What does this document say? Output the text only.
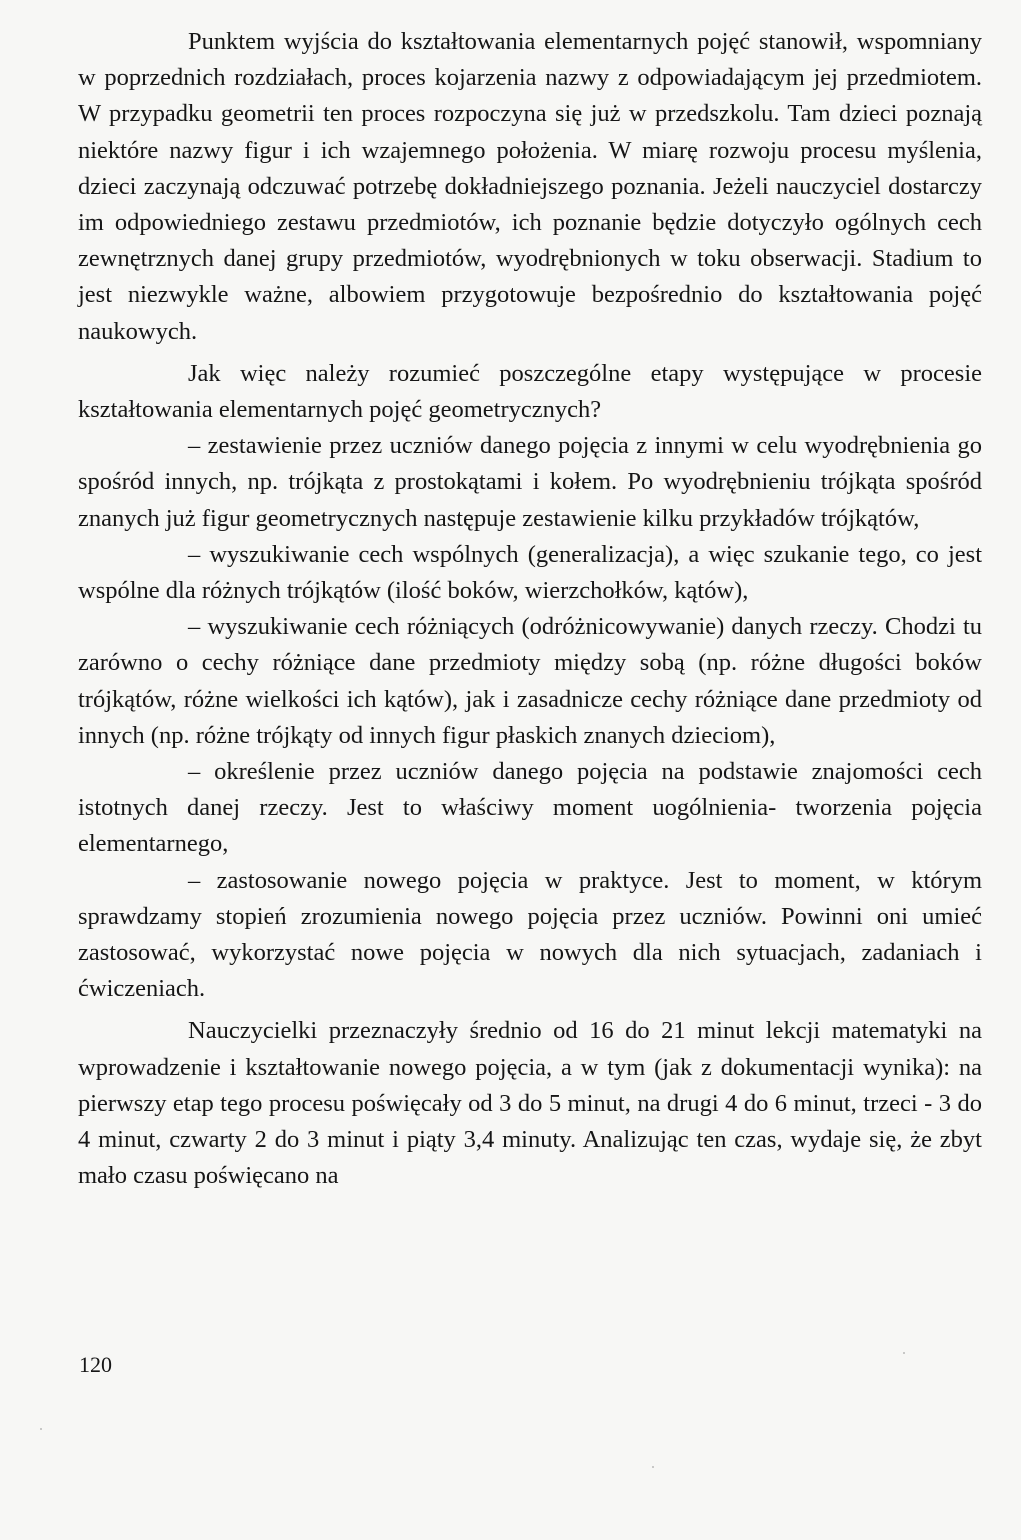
Punktem wyjścia do kształtowania elementarnych pojęć stanowił, wspomniany w poprzednich rozdziałach, proces kojarzenia nazwy z odpowiadającym jej przedmiotem. W przypadku geometrii ten proces rozpoczyna się już w przedszkolu. Tam dzieci poznają niektóre nazwy figur i ich wzajemnego położenia. W miarę rozwoju procesu myślenia, dzieci zaczynają odczuwać potrzebę dokładniejszego poznania. Jeżeli nauczyciel dostarczy im odpowiedniego zestawu przedmiotów, ich poznanie będzie dotyczyło ogólnych cech zewnętrznych danej grupy przedmiotów, wyodrębnionych w toku obserwacji. Stadium to jest niezwykle ważne, albowiem przygotowuje bezpośrednio do kształtowania pojęć naukowych.

Jak więc należy rozumieć poszczególne etapy występujące w procesie kształtowania elementarnych pojęć geometrycznych?

– zestawienie przez uczniów danego pojęcia z innymi w celu wyodrębnienia go spośród innych, np. trójkąta z prostokątami i kołem. Po wyodrębnieniu trójkąta spośród znanych już figur geometrycznych następuje zestawienie kilku przykładów trójkątów,

– wyszukiwanie cech wspólnych (generalizacja), a więc szukanie tego, co jest wspólne dla różnych trójkątów (ilość boków, wierzchołków, kątów),

– wyszukiwanie cech różniących (odróżnicowywanie) danych rzeczy. Chodzi tu zarówno o cechy różniące dane przedmioty między sobą (np. różne długości boków trójkątów, różne wielkości ich kątów), jak i zasadnicze cechy różniące dane przedmioty od innych (np. różne trójkąty od innych figur płaskich znanych dzieciom),

– określenie przez uczniów danego pojęcia na podstawie znajomości cech istotnych danej rzeczy. Jest to właściwy moment uogólnienia- tworzenia pojęcia elementarnego,

– zastosowanie nowego pojęcia w praktyce. Jest to moment, w którym sprawdzamy stopień zrozumienia nowego pojęcia przez uczniów. Powinni oni umieć zastosować, wykorzystać nowe pojęcia w nowych dla nich sytuacjach, zadaniach i ćwiczeniach.

Nauczycielki przeznaczyły średnio od 16 do 21 minut lekcji matematyki na wprowadzenie i kształtowanie nowego pojęcia, a w tym (jak z dokumentacji wynika): na pierwszy etap tego procesu poświęcały od 3 do 5 minut, na drugi 4 do 6 minut, trzeci - 3 do 4 minut, czwarty 2 do 3 minut i piąty 3,4 minuty. Analizując ten czas, wydaje się, że zbyt mało czasu poświęcano na

120
